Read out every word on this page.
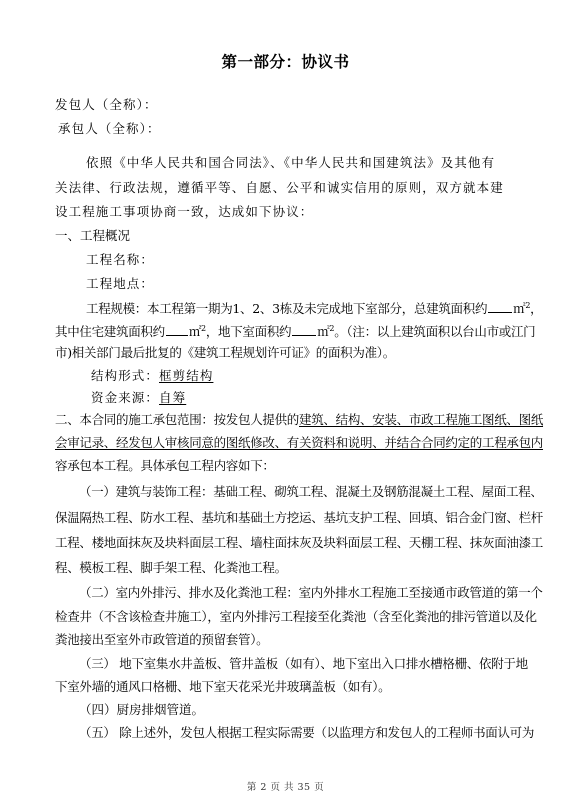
第一部分：协议书
发包人（全称）：
承包人（全称）：
依照《中华人民共和国合同法》、《中华人民共和国建筑法》及其他有
关法律、行政法规，遵循平等、自愿、公平和诚实信用的原则，双方就本建
设工程施工事项协商一致，达成如下协议：
一、工程概况
工程名称：
工程地点：
工程规模：本工程第一期为1、2、3栋及未完成地下室部分，总建筑面积约 ㎡$^2$，
其中住宅建筑面积约 ㎡$^2$，地下室面积约 ㎡$^2$。（注：以上建筑面积以台山市或江门
市)相关部门最后批复的《建筑工程规划许可证》的面积为准）。
结构形式：框剪结构
资金来源：自筹
二、本合同的施工承包范围：按发包人提供的建筑、结构、安装、市政工程施工图纸、图纸
会审记录、经发包人审核同意的图纸修改、有关资料和说明、并结合合同约定的工程承包内
容承包本工程。具体承包工程内容如下：
（一）建筑与装饰工程：基础工程、砌筑工程、混凝土及钢筋混凝土工程、屋面工程、
保温隔热工程、防水工程、基坑和基础土方挖运、基坑支护工程、回填、铝合金门窗、栏杆
工程、楼地面抹灰及块料面层工程、墙柱面抹灰及块料面层工程、天棚工程、抹灰面油漆工
程、模板工程、脚手架工程、化粪池工程。
（二）室内外排污、排水及化粪池工程：室内外排水工程施工至接通市政管道的第一个
检查井（不含该检查井施工），室内外排污工程接至化粪池（含至化粪池的排污管道以及化
粪池接出至室外市政管道的预留套管）。
（三） 地下室集水井盖板、管井盖板（如有）、地下室出入口排水槽格栅、依附于地
下室外墙的通风口格栅、地下室天花采光井玻璃盖板（如有）。
（四）厨房排烟管道。
（五） 除上述外，发包人根据工程实际需要（以监理方和发包人的工程师书面认可为
第 2 页 共 35 页
